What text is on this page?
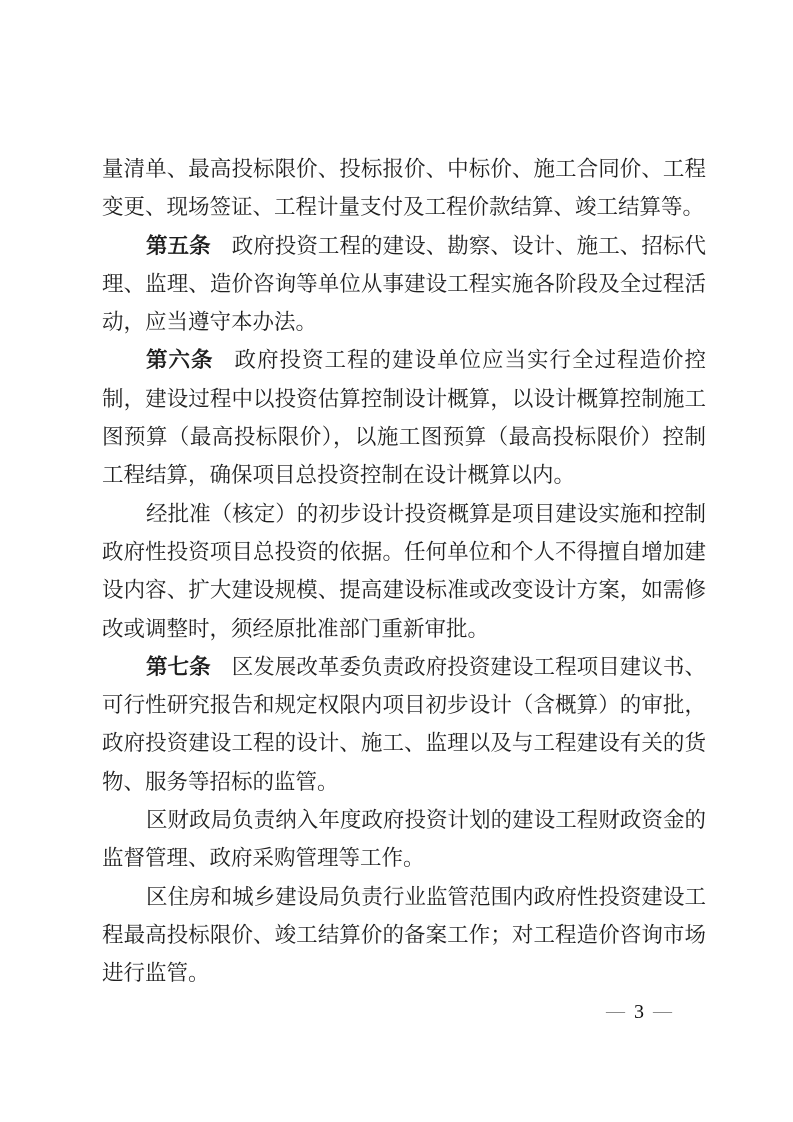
量清单、最高投标限价、投标报价、中标价、施工合同价、工程
变更、现场签证、工程计量支付及工程价款结算、竣工结算等。
第五条 政府投资工程的建设、勘察、设计、施工、招标代
理、监理、造价咨询等单位从事建设工程实施各阶段及全过程活
动，应当遵守本办法。
第六条 政府投资工程的建设单位应当实行全过程造价控
制，建设过程中以投资估算控制设计概算，以设计概算控制施工
图预算（最高投标限价），以施工图预算（最高投标限价）控制
工程结算，确保项目总投资控制在设计概算以内。
经批准（核定）的初步设计投资概算是项目建设实施和控制
政府性投资项目总投资的依据。任何单位和个人不得擅自增加建
设内容、扩大建设规模、提高建设标准或改变设计方案，如需修
改或调整时，须经原批准部门重新审批。
第七条 区发展改革委负责政府投资建设工程项目建议书、
可行性研究报告和规定权限内项目初步设计（含概算）的审批，
政府投资建设工程的设计、施工、监理以及与工程建设有关的货
物、服务等招标的监管。
区财政局负责纳入年度政府投资计划的建设工程财政资金的
监督管理、政府采购管理等工作。
区住房和城乡建设局负责行业监管范围内政府性投资建设工
程最高投标限价、竣工结算价的备案工作；对工程造价咨询市场
进行监管。
— 3 —
